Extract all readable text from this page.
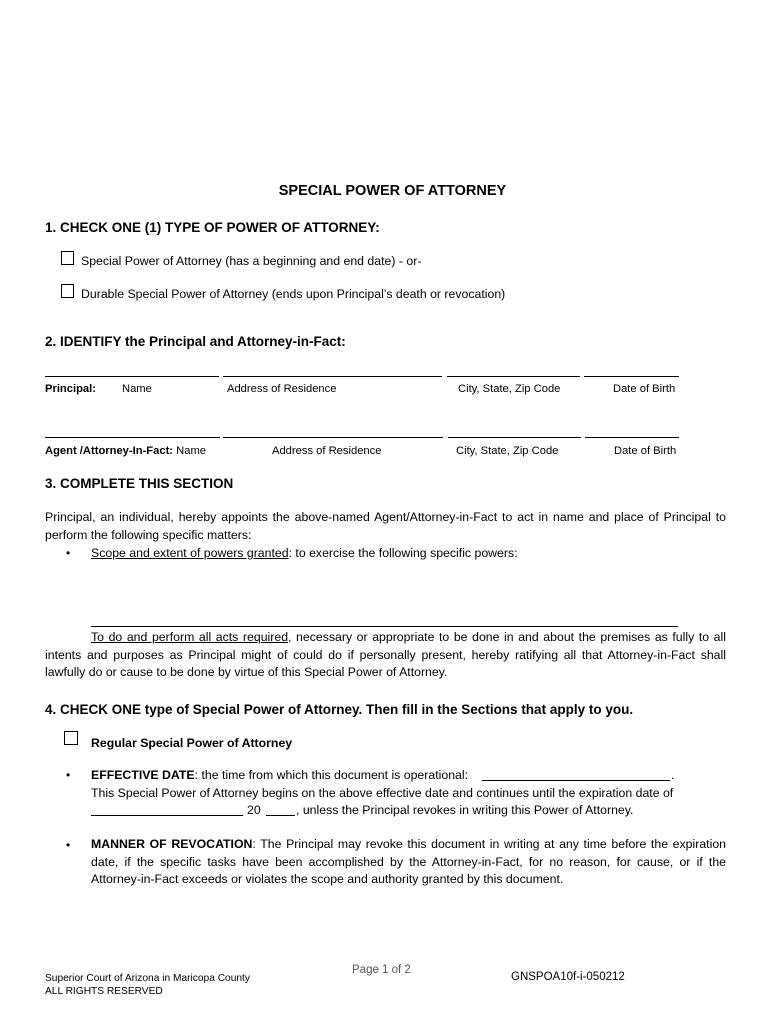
SPECIAL POWER OF ATTORNEY
1. CHECK ONE (1) TYPE OF POWER OF ATTORNEY:
Special Power of Attorney (has a beginning and end date) - or-
Durable Special Power of Attorney (ends upon Principal’s death or revocation)
2. IDENTIFY the Principal and Attorney-in-Fact:
Principal: Name	Address of Residence	City, State, Zip Code	Date of Birth
Agent /Attorney-In-Fact: Name	Address of Residence	City, State, Zip Code	Date of Birth
3. COMPLETE THIS SECTION
Principal, an individual, hereby appoints the above-named Agent/Attorney-in-Fact to act in name and place of Principal to perform the following specific matters:
• Scope and extent of powers granted: to exercise the following specific powers:
To do and perform all acts required, necessary or appropriate to be done in and about the premises as fully to all intents and purposes as Principal might of could do if personally present, hereby ratifying all that Attorney-in-Fact shall lawfully do or cause to be done by virtue of this Special Power of Attorney.
4. CHECK ONE type of Special Power of Attorney. Then fill in the Sections that apply to you.
Regular Special Power of Attorney
• EFFECTIVE DATE: the time from which this document is operational:	.
This Special Power of Attorney begins on the above effective date and continues until the expiration date of
20	, unless the Principal revokes in writing this Power of Attorney.
• MANNER OF REVOCATION: The Principal may revoke this document in writing at any time before the expiration date, if the specific tasks have been accomplished by the Attorney-in-Fact, for no reason, for cause, or if the Attorney-in-Fact exceeds or violates the scope and authority granted by this document.
Superior Court of Arizona in Maricopa County
ALL RIGHTS RESERVED
Page 1 of 2
GNSPOA10f-i-050212
